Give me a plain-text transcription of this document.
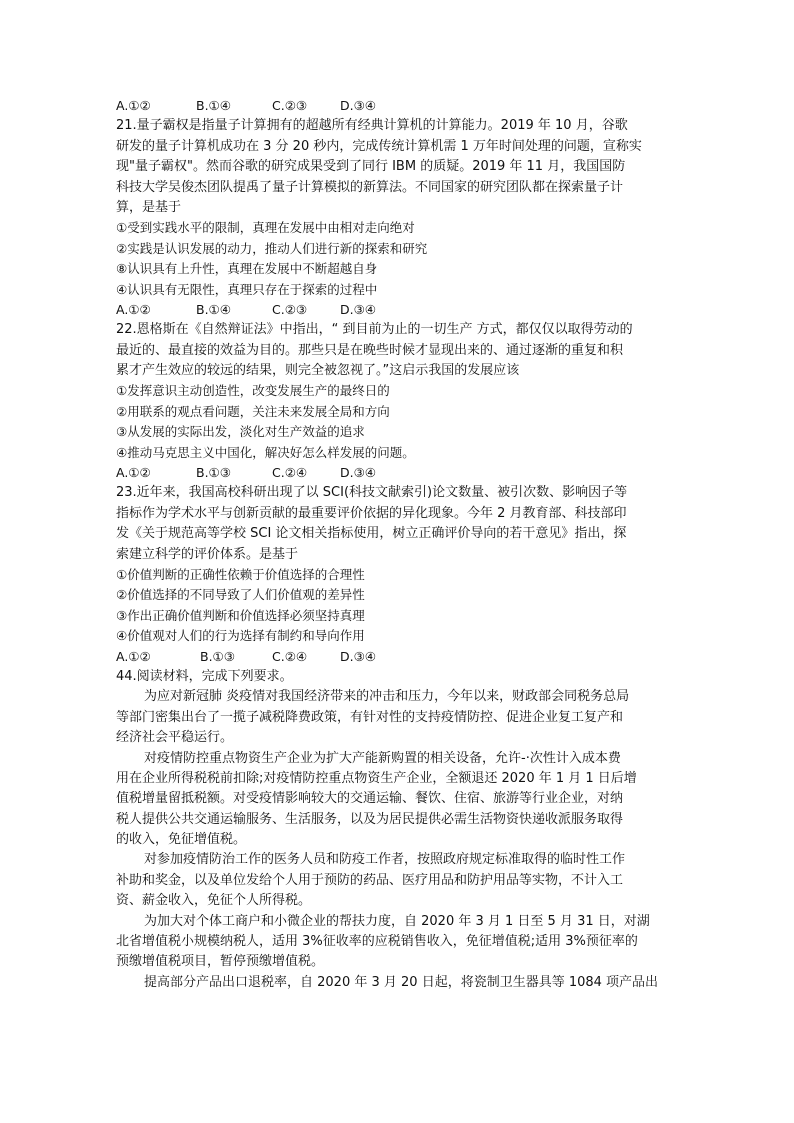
A.①②	B.①④	C.②③	D.③④
21.量子霸权是指量子计算拥有的超越所有经典计算机的计算能力。2019 年 10 月，谷歌
研发的量子计算机成功在 3 分 20 秒内，完成传统计算机需 1 万年时间处理的问题，宣称实
现"量子霸权"。然而谷歌的研究成果受到了同行 IBM 的质疑。2019 年 11 月，我国国防
科技大学吴俊杰团队提禹了量子计算模拟的新算法。不同国家的研究团队都在探索量子计
算，是基于
①受到实践水平的限制，真理在发展中由相对走向绝对
②实践是认识发展的动力，推动人们进行新的探索和研究
⑧认识具有上升性，真理在发展中不断超越自身
④认识具有无限性，真理只存在于探索的过程中
A.①②	B.①④	C.②③	D.③④
22.恩格斯在《自然辩证法》中指出，“ 到目前为止的一切生产 方式，都仅仅以取得劳动的
最近的、最直接的效益为目的。那些只是在晚些时候才显现出来的、通过逐渐的重复和积
累才产生效应的较远的结果，则完全被忽视了。”这启示我国的发展应该
①发挥意识主动创造性，改变发展生产的最终日的
②用联系的观点看问题，关注未来发展全局和方向
③从发展的实际出发，淡化对生产效益的追求
④推动马克思主义中国化，解决好怎么样发展的问题。
A.①②	B.①③	C.②④	D.③④
23.近年来，我国高校科研出现了以 SCI(科技文献索引)论文数量、被引次数、影响因子等
指标作为学术水平与创新贡献的最重要评价依据的异化现象。今年 2 月教育部、科技部印
发《关于规范高等学校 SCI 论文相关指标使用，树立正确评价导向的若干意见》指出，探
索建立科学的评价体系。是基于
①价值判断的正确性依赖于价值选择的合理性
②价值选择的不同导致了人们价值观的差异性
③作出正确价值判断和价值选择必须坚持真理
④价值观对人们的行为选择有制约和导向作用
A.①②	B.①③	C.②④	D.③④
44.阅读材料，完成下列要求。
为应对新冠肺 炎疫情对我国经济带来的冲击和压力，今年以来，财政部会同税务总局
等部门密集出台了一揽子减税降费政策，有针对性的支持疫情防控、促进企业复工复产和
经济社会平稳运行。
对疫情防控重点物资生产企业为扩大产能新购置的相关设备，允许-·次性计入成本费
用在企业所得税税前扣除;对疫情防控重点物资生产企业，全额退还 2020 年 1 月 1 日后增
值税增量留抵税额。对受疫情影响较大的交通运输、餐饮、住宿、旅游等行业企业，对纳
税人提供公共交通运输服务、生活服务，以及为居民提供必需生活物资快递收派服务取得
的收入，免征增值税。
对参加疫情防治工作的医务人员和防疫工作者，按照政府规定标准取得的临时性工作
补助和奖金，以及单位发给个人用于预防的药品、医疗用品和防护用品等实物，不计入工
资、薪金收入，免征个人所得税。
为加大对个体工商户和小微企业的帮扶力度，自 2020 年 3 月 1 日至 5 月 31 日，对湖
北省增值税小规模纳税人，适用 3%征收率的应税销售收入，免征增值税;适用 3%预征率的
预缴增值税项目，暂停预缴增值税。
提高部分产品出口退税率，自 2020 年 3 月 20 日起，将瓷制卫生器具等 1084 项产品出
